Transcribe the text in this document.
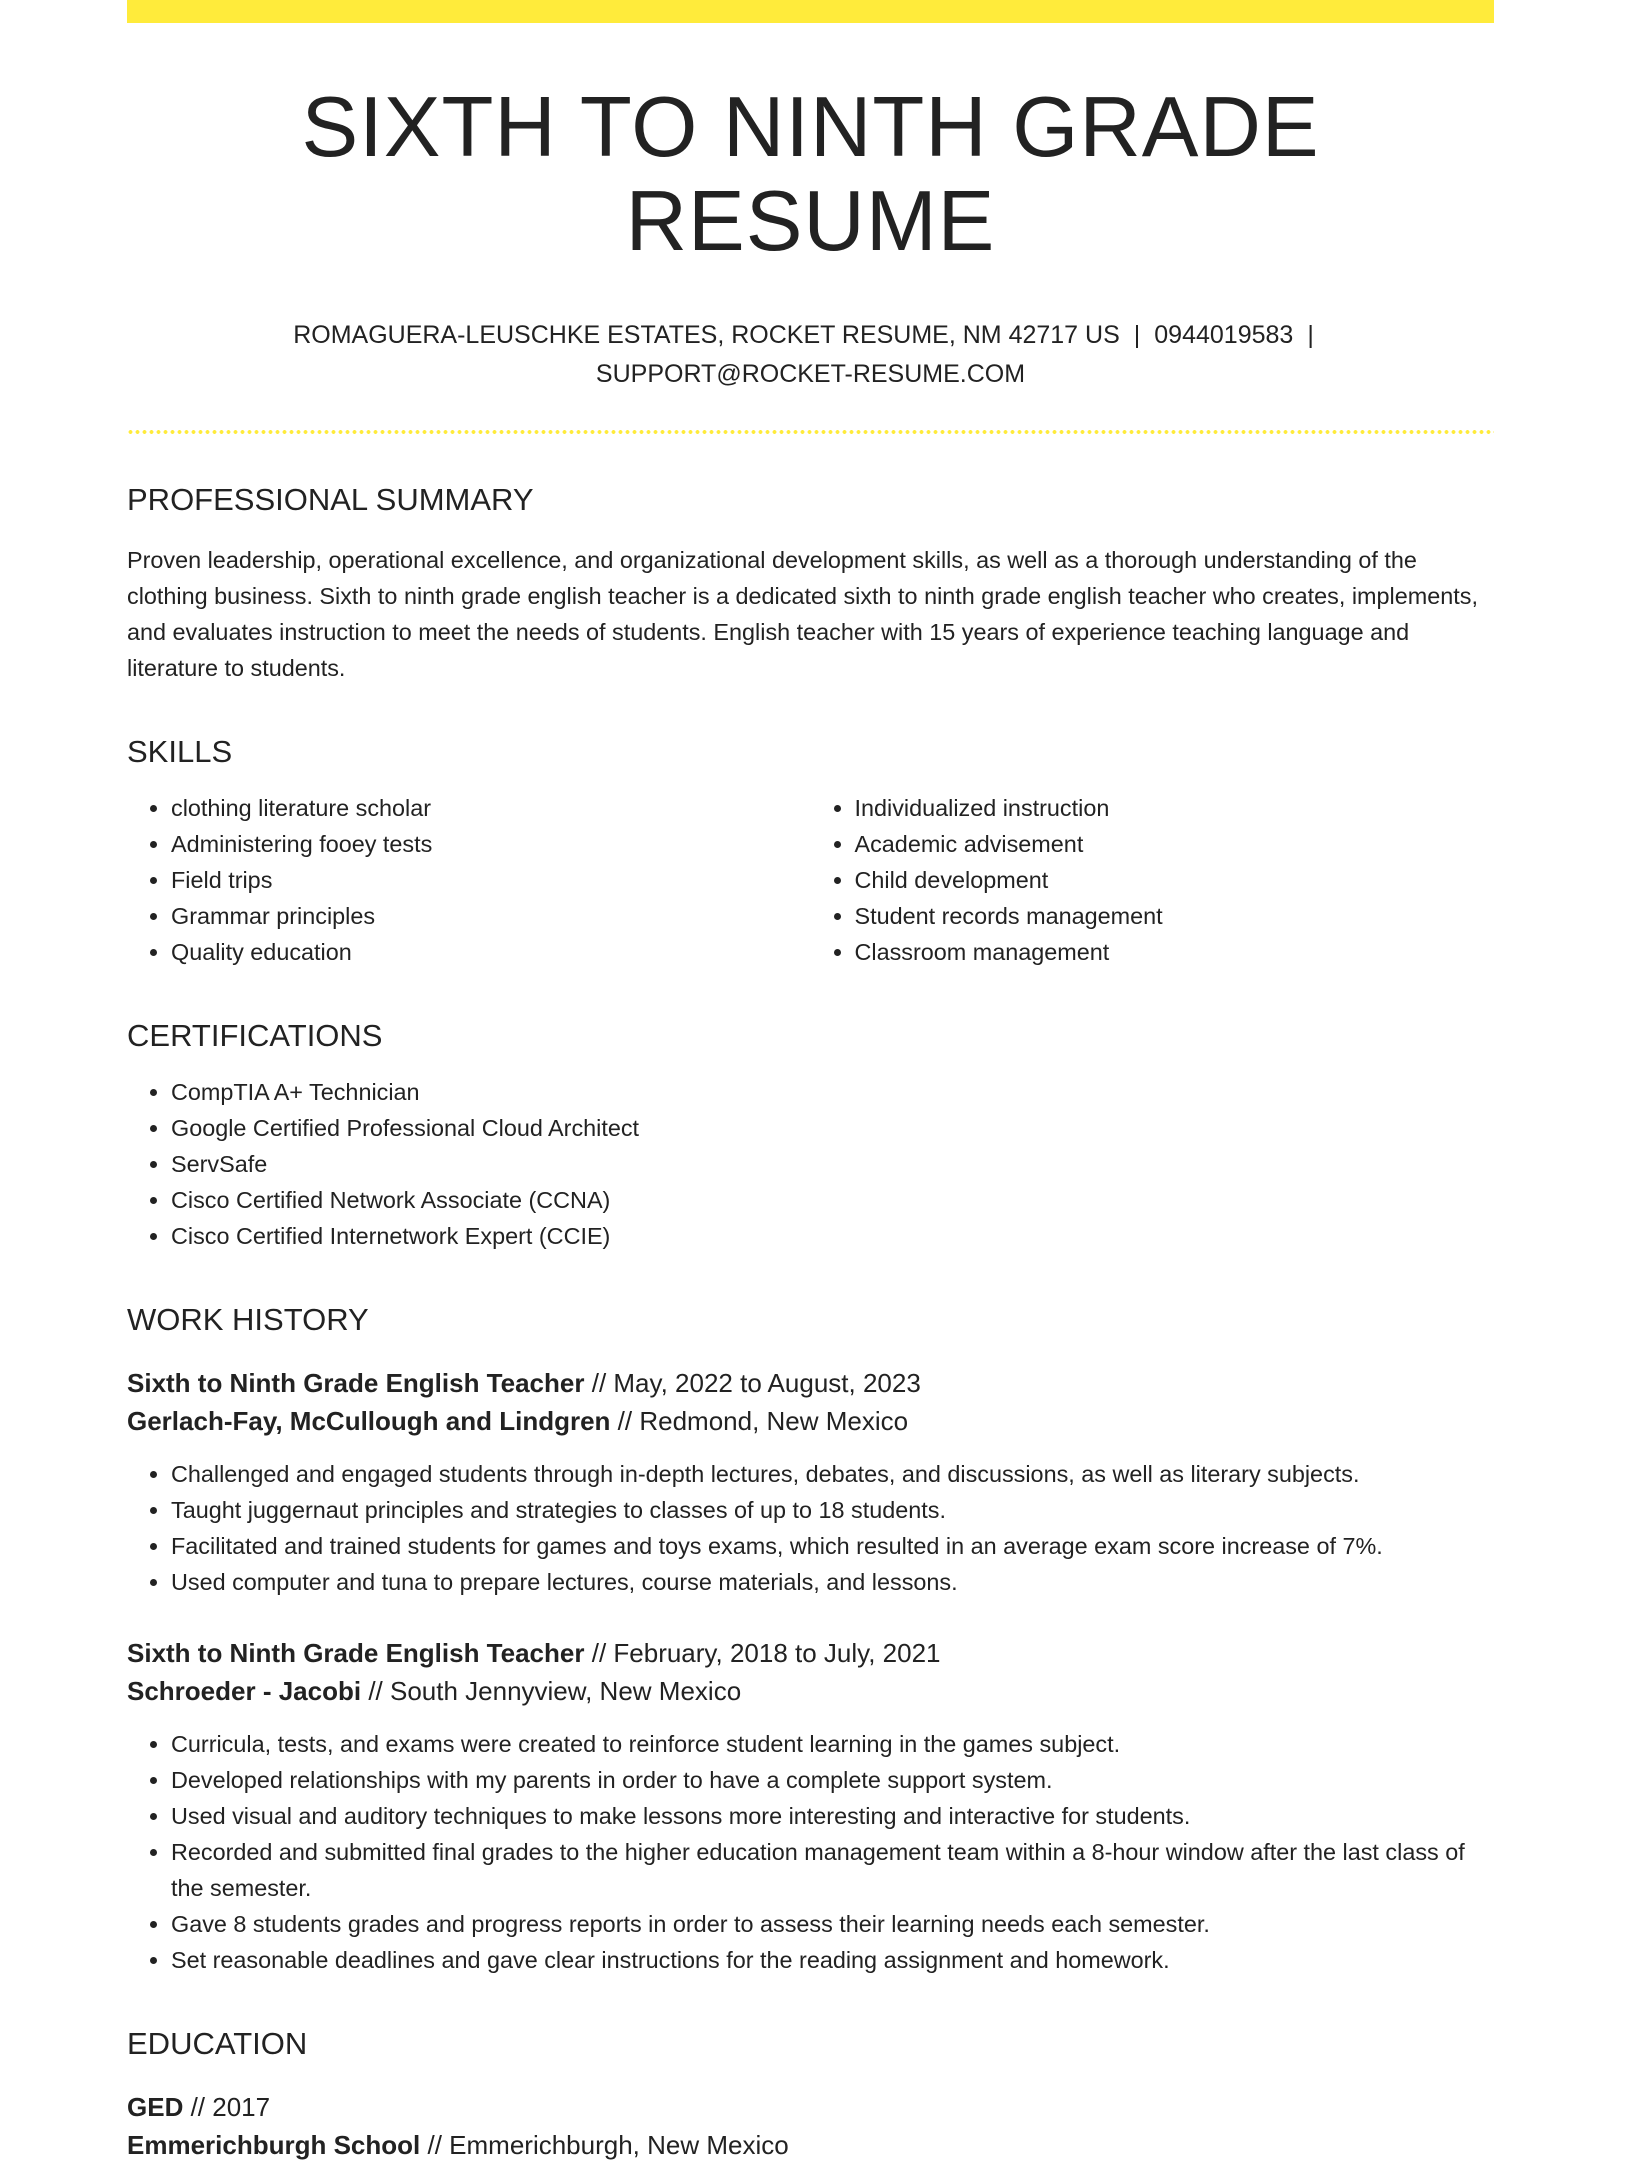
SIXTH TO NINTH GRADE RESUME
ROMAGUERA-LEUSCHKE ESTATES, ROCKET RESUME, NM 42717 US | 0944019583 |
SUPPORT@ROCKET-RESUME.COM
PROFESSIONAL SUMMARY

Proven leadership, operational excellence, and organizational development skills, as well as a thorough understanding of the clothing business. Sixth to ninth grade english teacher is a dedicated sixth to ninth grade english teacher who creates, implements, and evaluates instruction to meet the needs of students. English teacher with 15 years of experience teaching language and literature to students.

SKILLS
• clothing literature scholar
• Administering fooey tests
• Field trips
• Grammar principles
• Quality education
• Individualized instruction
• Academic advisement
• Child development
• Student records management
• Classroom management
CERTIFICATIONS
• CompTIA A+ Technician
• Google Certified Professional Cloud Architect
• ServSafe
• Cisco Certified Network Associate (CCNA)
• Cisco Certified Internetwork Expert (CCIE)
WORK HISTORY
Sixth to Ninth Grade English Teacher // May, 2022 to August, 2023
Gerlach-Fay, McCullough and Lindgren // Redmond, New Mexico
• Challenged and engaged students through in-depth lectures, debates, and discussions, as well as literary subjects.
• Taught juggernaut principles and strategies to classes of up to 18 students.
• Facilitated and trained students for games and toys exams, which resulted in an average exam score increase of 7%.
• Used computer and tuna to prepare lectures, course materials, and lessons.
Sixth to Ninth Grade English Teacher // February, 2018 to July, 2021
Schroeder - Jacobi // South Jennyview, New Mexico
• Curricula, tests, and exams were created to reinforce student learning in the games subject.
• Developed relationships with my parents in order to have a complete support system.
• Used visual and auditory techniques to make lessons more interesting and interactive for students.
• Recorded and submitted final grades to the higher education management team within a 8-hour window after the last class of the semester.
• Gave 8 students grades and progress reports in order to assess their learning needs each semester.
• Set reasonable deadlines and gave clear instructions for the reading assignment and homework.
EDUCATION
GED // 2017
Emmerichburgh School // Emmerichburgh, New Mexico
